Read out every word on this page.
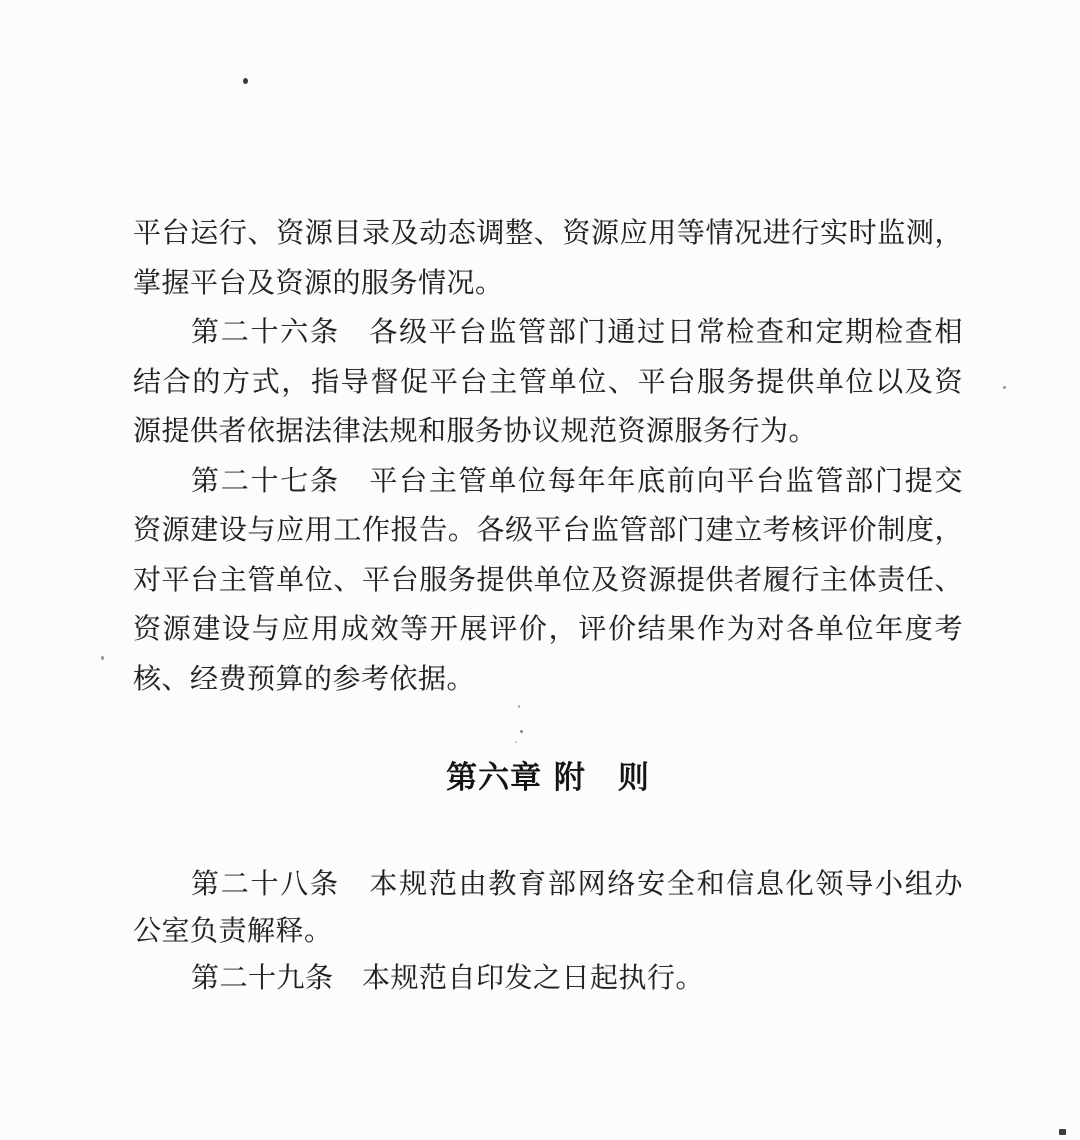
平台运行、资源目录及动态调整、资源应用等情况进行实时监测，
掌握平台及资源的服务情况。
第二十六条　各级平台监管部门通过日常检查和定期检查相
结合的方式，指导督促平台主管单位、平台服务提供单位以及资
源提供者依据法律法规和服务协议规范资源服务行为。
第二十七条　平台主管单位每年年底前向平台监管部门提交
资源建设与应用工作报告。各级平台监管部门建立考核评价制度，
对平台主管单位、平台服务提供单位及资源提供者履行主体责任、
资源建设与应用成效等开展评价，评价结果作为对各单位年度考
核、经费预算的参考依据。
第六章 附　则
第二十八条　本规范由教育部网络安全和信息化领导小组办
公室负责解释。
第二十九条　本规范自印发之日起执行。
